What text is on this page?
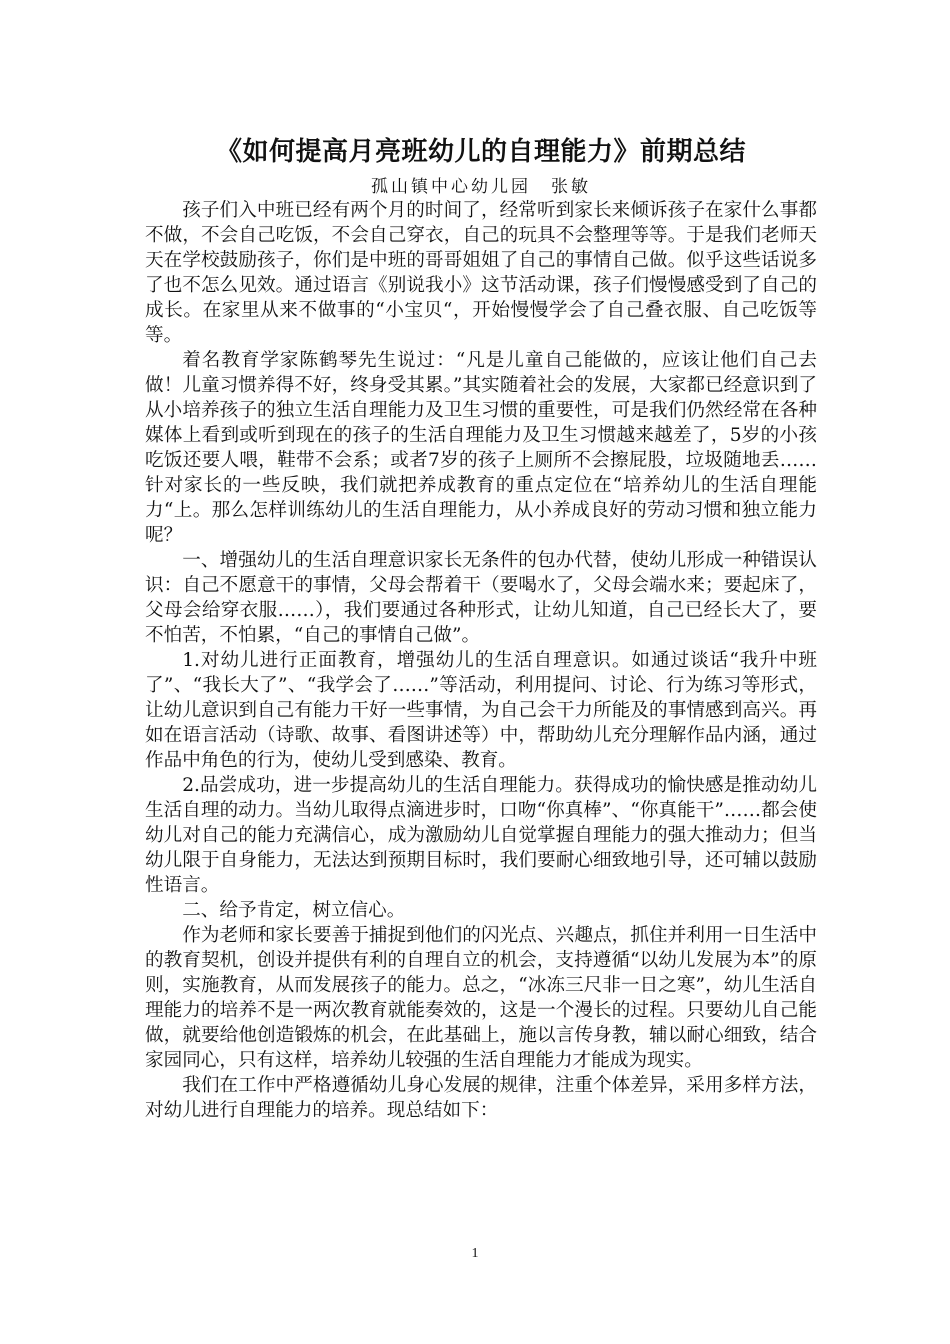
《如何提高月亮班幼儿的自理能力》前期总结
孤山镇中心幼儿园　张敏

孩子们入中班已经有两个月的时间了，经常听到家长来倾诉孩子在家什么事都不做，不会自己吃饭，不会自己穿衣，自己的玩具不会整理等等。于是我们老师天天在学校鼓励孩子，你们是中班的哥哥姐姐了自己的事情自己做。似乎这些话说多了也不怎么见效。通过语言《别说我小》这节活动课，孩子们慢慢感受到了自己的成长。在家里从来不做事的“小宝贝“，开始慢慢学会了自己叠衣服、自己吃饭等等。

着名教育学家陈鹤琴先生说过：“凡是儿童自己能做的，应该让他们自己去做！儿童习惯养得不好，终身受其累。”其实随着社会的发展，大家都已经意识到了从小培养孩子的独立生活自理能力及卫生习惯的重要性，可是我们仍然经常在各种媒体上看到或听到现在的孩子的生活自理能力及卫生习惯越来越差了，5岁的小孩吃饭还要人喂，鞋带不会系；或者7岁的孩子上厕所不会擦屁股，垃圾随地丢……针对家长的一些反映，我们就把养成教育的重点定位在“培养幼儿的生活自理能力“上。那么怎样训练幼儿的生活自理能力，从小养成良好的劳动习惯和独立能力呢？

一、增强幼儿的生活自理意识家长无条件的包办代替，使幼儿形成一种错误认识：自己不愿意干的事情，父母会帮着干（要喝水了，父母会端水来；要起床了，父母会给穿衣服……），我们要通过各种形式，让幼儿知道，自己已经长大了，要不怕苦，不怕累，“自己的事情自己做”。

1.对幼儿进行正面教育，增强幼儿的生活自理意识。如通过谈话“我升中班了”、“我长大了”、“我学会了……”等活动，利用提问、讨论、行为练习等形式，让幼儿意识到自己有能力干好一些事情，为自己会干力所能及的事情感到高兴。再如在语言活动（诗歌、故事、看图讲述等）中，帮助幼儿充分理解作品内涵，通过作品中角色的行为，使幼儿受到感染、教育。

2.品尝成功，进一步提高幼儿的生活自理能力。获得成功的愉快感是推动幼儿生活自理的动力。当幼儿取得点滴进步时，口吻“你真棒”、“你真能干”……都会使幼儿对自己的能力充满信心，成为激励幼儿自觉掌握自理能力的强大推动力；但当幼儿限于自身能力，无法达到预期目标时，我们要耐心细致地引导，还可辅以鼓励性语言。

二、给予肯定，树立信心。

作为老师和家长要善于捕捉到他们的闪光点、兴趣点，抓住并利用一日生活中的教育契机，创设并提供有利的自理自立的机会，支持遵循“以幼儿发展为本”的原则，实施教育，从而发展孩子的能力。总之，“冰冻三尺非一日之寒”，幼儿生活自理能力的培养不是一两次教育就能奏效的，这是一个漫长的过程。只要幼儿自己能做，就要给他创造锻炼的机会，在此基础上，施以言传身教，辅以耐心细致，结合家园同心，只有这样，培养幼儿较强的生活自理能力才能成为现实。

我们在工作中严格遵循幼儿身心发展的规律，注重个体差异，采用多样方法，对幼儿进行自理能力的培养。现总结如下：

1
